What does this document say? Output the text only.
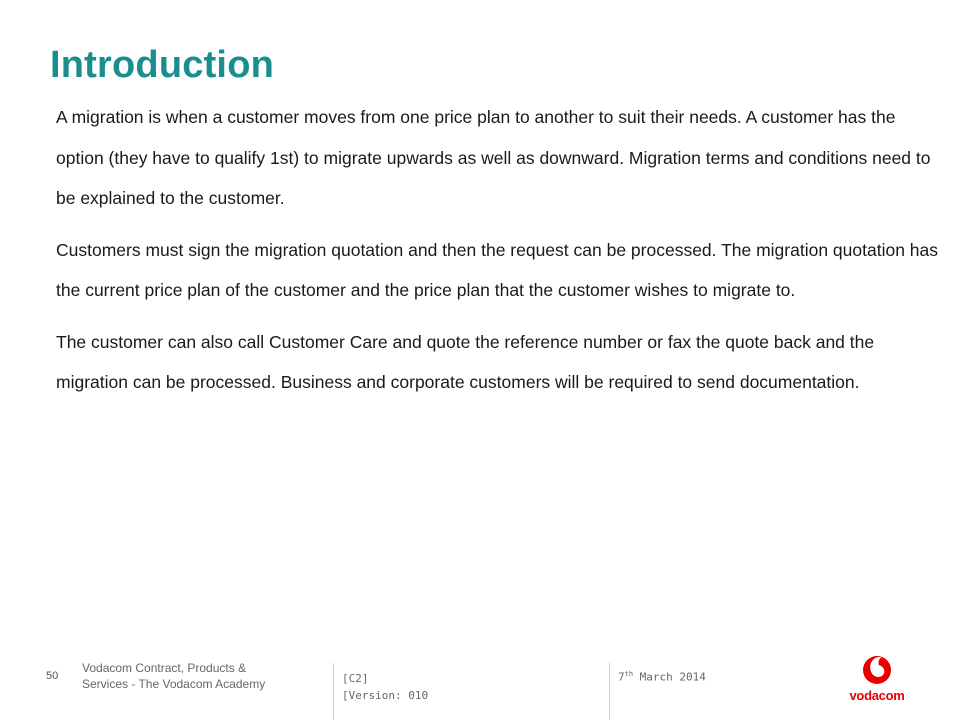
Introduction

A migration is when a customer moves from one price plan to another to suit their needs. A customer has the option (they have to qualify 1st) to migrate upwards as well as downward. Migration terms and conditions need to be explained to the customer.

Customers must sign the migration quotation and then the request can be processed. The migration quotation has the current price plan of the customer and the price plan that the customer wishes to migrate to.

The customer can also call Customer Care and quote the reference number or fax the quote back and the migration can be processed. Business and corporate customers will be required to send documentation.

50
Vodacom Contract, Products &
Services - The Vodacom Academy	[C2]
[Version: 010
7th March 2014
vodacom
